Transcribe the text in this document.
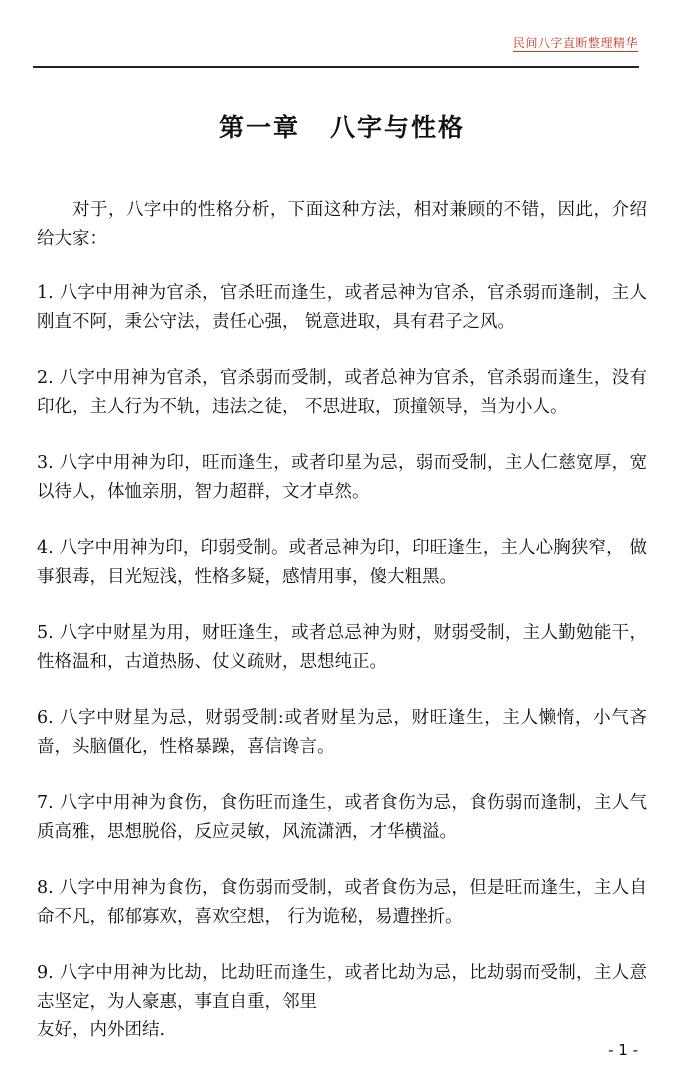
民间八字直断整理精华
第一章 八字与性格

对于，八字中的性格分析，下面这种方法，相对兼顾的不错，因此，介绍给大家：

1. 八字中用神为官杀，官杀旺而逢生，或者忌神为官杀，官杀弱而逢制，主人刚直不阿，秉公守法，责任心强， 锐意进取，具有君子之风。

2. 八字中用神为官杀，官杀弱而受制，或者总神为官杀，官杀弱而逢生，没有印化，主人行为不轨，违法之徒， 不思进取，顶撞领导，当为小人。

3. 八字中用神为印，旺而逢生，或者印星为忌，弱而受制，主人仁慈宽厚，宽以待人，体恤亲朋，智力超群，文才卓然。

4. 八字中用神为印，印弱受制。或者忌神为印，印旺逢生，主人心胸狭窄， 做事狠毒，目光短浅，性格多疑，感情用事，傻大粗黑。

5. 八字中财星为用，财旺逢生，或者总忌神为财，财弱受制，主人勤勉能干， 性格温和，古道热肠、仗义疏财，思想纯正。

6. 八字中财星为忌，财弱受制:或者财星为忌，财旺逢生，主人懒惰，小气吝啬，头脑僵化，性格暴躁，喜信谗言。

7. 八字中用神为食伤，食伤旺而逢生，或者食伤为忌，食伤弱而逢制，主人气质高雅，思想脱俗，反应灵敏，风流潇洒，才华横溢。

8. 八字中用神为食伤，食伤弱而受制，或者食伤为忌，但是旺而逢生，主人自命不凡，郁郁寡欢，喜欢空想， 行为诡秘，易遭挫折。

9. 八字中用神为比劫，比劫旺而逢生，或者比劫为忌，比劫弱而受制，主人意志坚定，为人豪惠，事直自重，邻里
友好，内外团结.

- 1 -
